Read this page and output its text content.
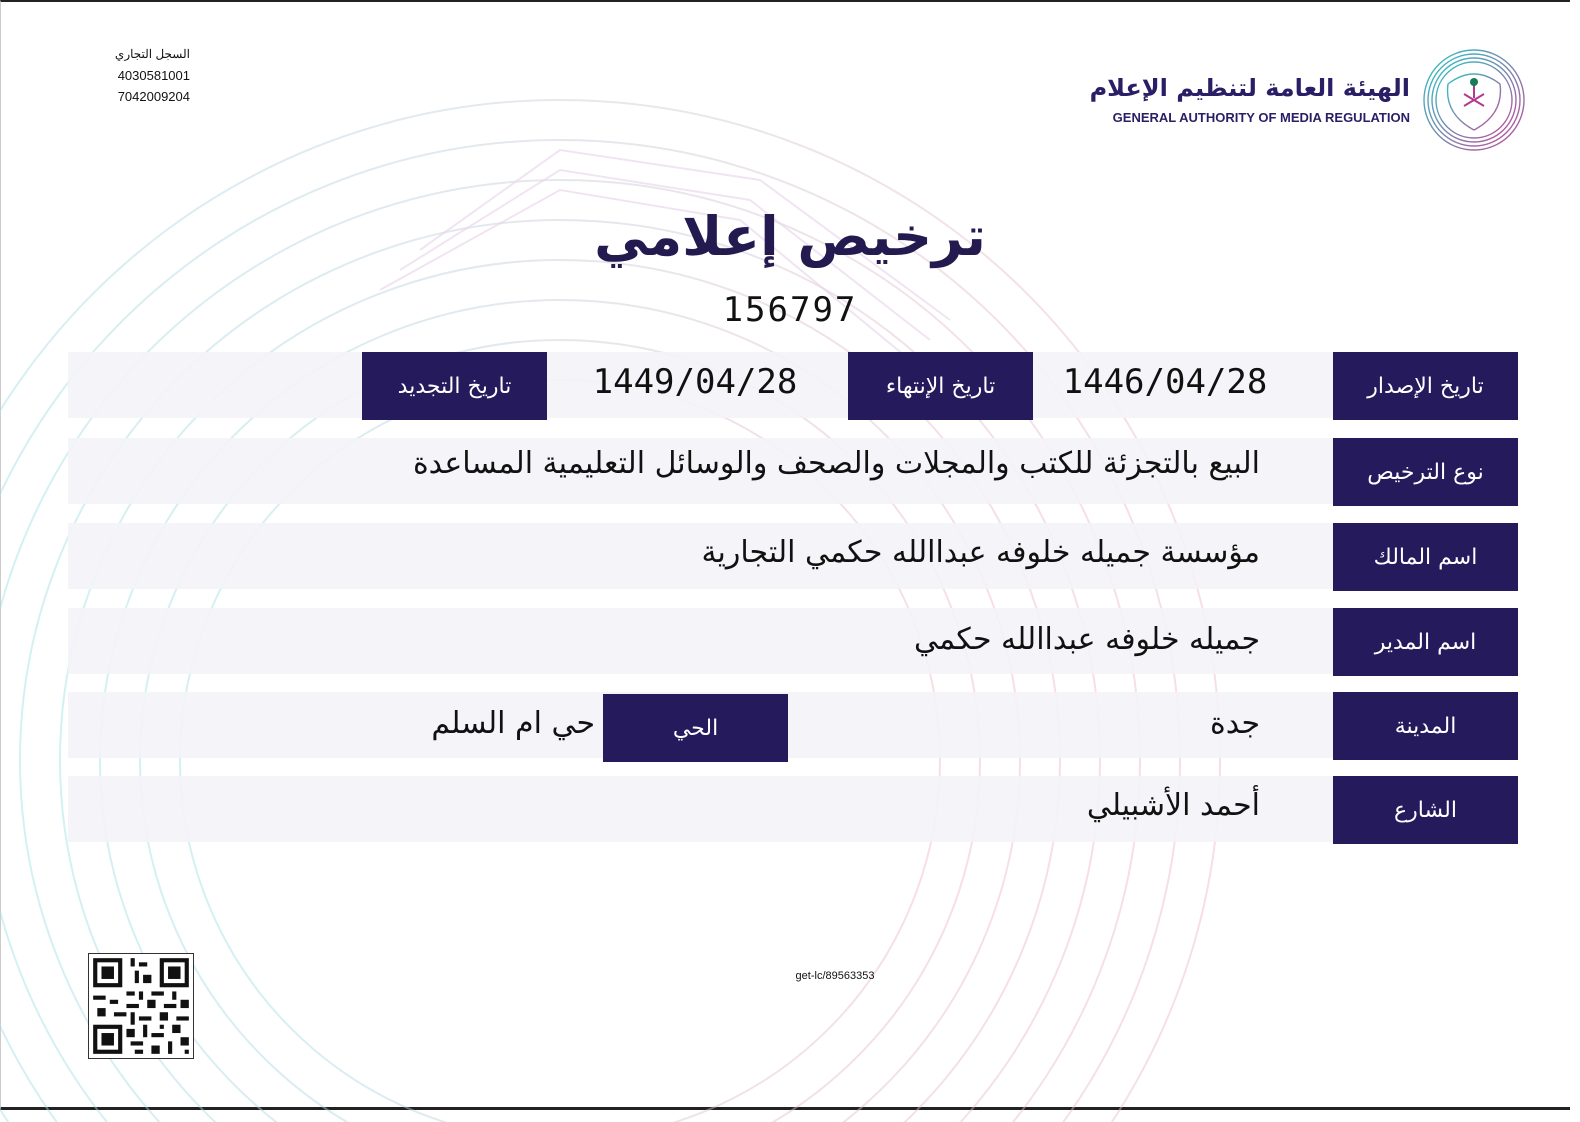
السجل التجاري
4030581001
7042009204	الهيئة العامة لتنظيم الإعلام
GENERAL AUTHORITY OF MEDIA REGULATION
ترخيص إعلامي
156797
تاريخ الإصدار
1446/04/28
تاريخ الإنتهاء
1449/04/28
تاريخ التجديد
نوع الترخيص
البيع بالتجزئة للكتب والمجلات والصحف والوسائل التعليمية المساعدة
اسم المالك
مؤسسة جميله خلوفه عبداالله حكمي التجارية
اسم المدير
جميله خلوفه عبداالله حكمي
المدينة
جدة
الحي
حي ام السلم
الشارع
أحمد الأشبيلي
get-lc/89563353
